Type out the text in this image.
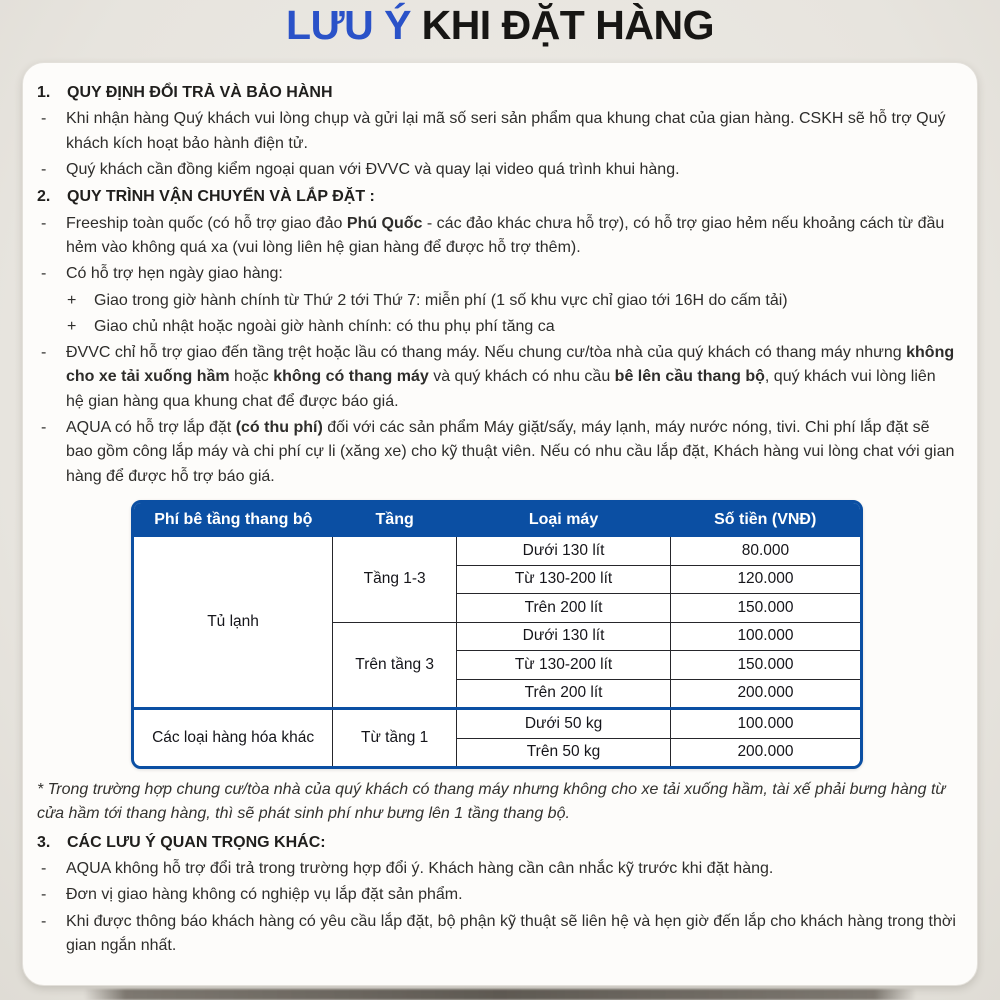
LƯU Ý KHI ĐẶT HÀNG
1.	QUY ĐỊNH ĐỔI TRẢ VÀ BẢO HÀNH
-	Khi nhận hàng Quý khách vui lòng chụp và gửi lại mã số seri sản phẩm qua khung chat của gian hàng. CSKH sẽ hỗ trợ Quý khách kích hoạt bảo hành điện tử.
-	Quý khách cần đồng kiểm ngoại quan với ĐVVC và quay lại video quá trình khui hàng.
2.	QUY TRÌNH VẬN CHUYỂN VÀ LẮP ĐẶT :
-	Freeship toàn quốc (có hỗ trợ giao đảo Phú Quốc - các đảo khác chưa hỗ trợ), có hỗ trợ giao hẻm nếu khoảng cách từ đầu hẻm vào không quá xa (vui lòng liên hệ gian hàng để được hỗ trợ thêm).
-	Có hỗ trợ hẹn ngày giao hàng:
+	Giao trong giờ hành chính từ Thứ 2 tới Thứ 7: miễn phí (1 số khu vực chỉ giao tới 16H do cấm tải)
+	Giao chủ nhật hoặc ngoài giờ hành chính: có thu phụ phí tăng ca
-	ĐVVC chỉ hỗ trợ giao đến tầng trệt hoặc lầu có thang máy. Nếu chung cư/tòa nhà của quý khách có thang máy nhưng không cho xe tải xuống hầm hoặc không có thang máy và quý khách có nhu cầu bê lên cầu thang bộ, quý khách vui lòng liên hệ gian hàng qua khung chat để được báo giá.
-	AQUA có hỗ trợ lắp đặt (có thu phí) đối với các sản phẩm Máy giặt/sấy, máy lạnh, máy nước nóng, tivi. Chi phí lắp đặt sẽ bao gồm công lắp máy và chi phí cự li (xăng xe) cho kỹ thuật viên. Nếu có nhu cầu lắp đặt, Khách hàng vui lòng chat với gian hàng để được hỗ trợ báo giá.
Phí bê tầng thang bộ	Tầng	Loại máy	Số tiền (VNĐ)
Tủ lạnh	Tầng 1-3	Dưới 130 lít	80.000
		Từ 130-200 lít	120.000
		Trên 200 lít	150.000
	Trên tầng 3	Dưới 130 lít	100.000
		Từ 130-200 lít	150.000
		Trên 200 lít	200.000
Các loại hàng hóa khác	Từ tầng 1	Dưới 50 kg	100.000
		Trên 50 kg	200.000

* Trong trường hợp chung cư/tòa nhà của quý khách có thang máy nhưng không cho xe tải xuống hầm, tài xế phải bưng hàng từ cửa hầm tới thang hàng, thì sẽ phát sinh phí như bưng lên 1 tầng thang bộ.

3.	CÁC LƯU Ý QUAN TRỌNG KHÁC:
-	AQUA không hỗ trợ đổi trả trong trường hợp đổi ý. Khách hàng cần cân nhắc kỹ trước khi đặt hàng.
-	Đơn vị giao hàng không có nghiệp vụ lắp đặt sản phẩm.
-	Khi được thông báo khách hàng có yêu cầu lắp đặt, bộ phận kỹ thuật sẽ liên hệ và hẹn giờ đến lắp cho khách hàng trong thời gian ngắn nhất.
